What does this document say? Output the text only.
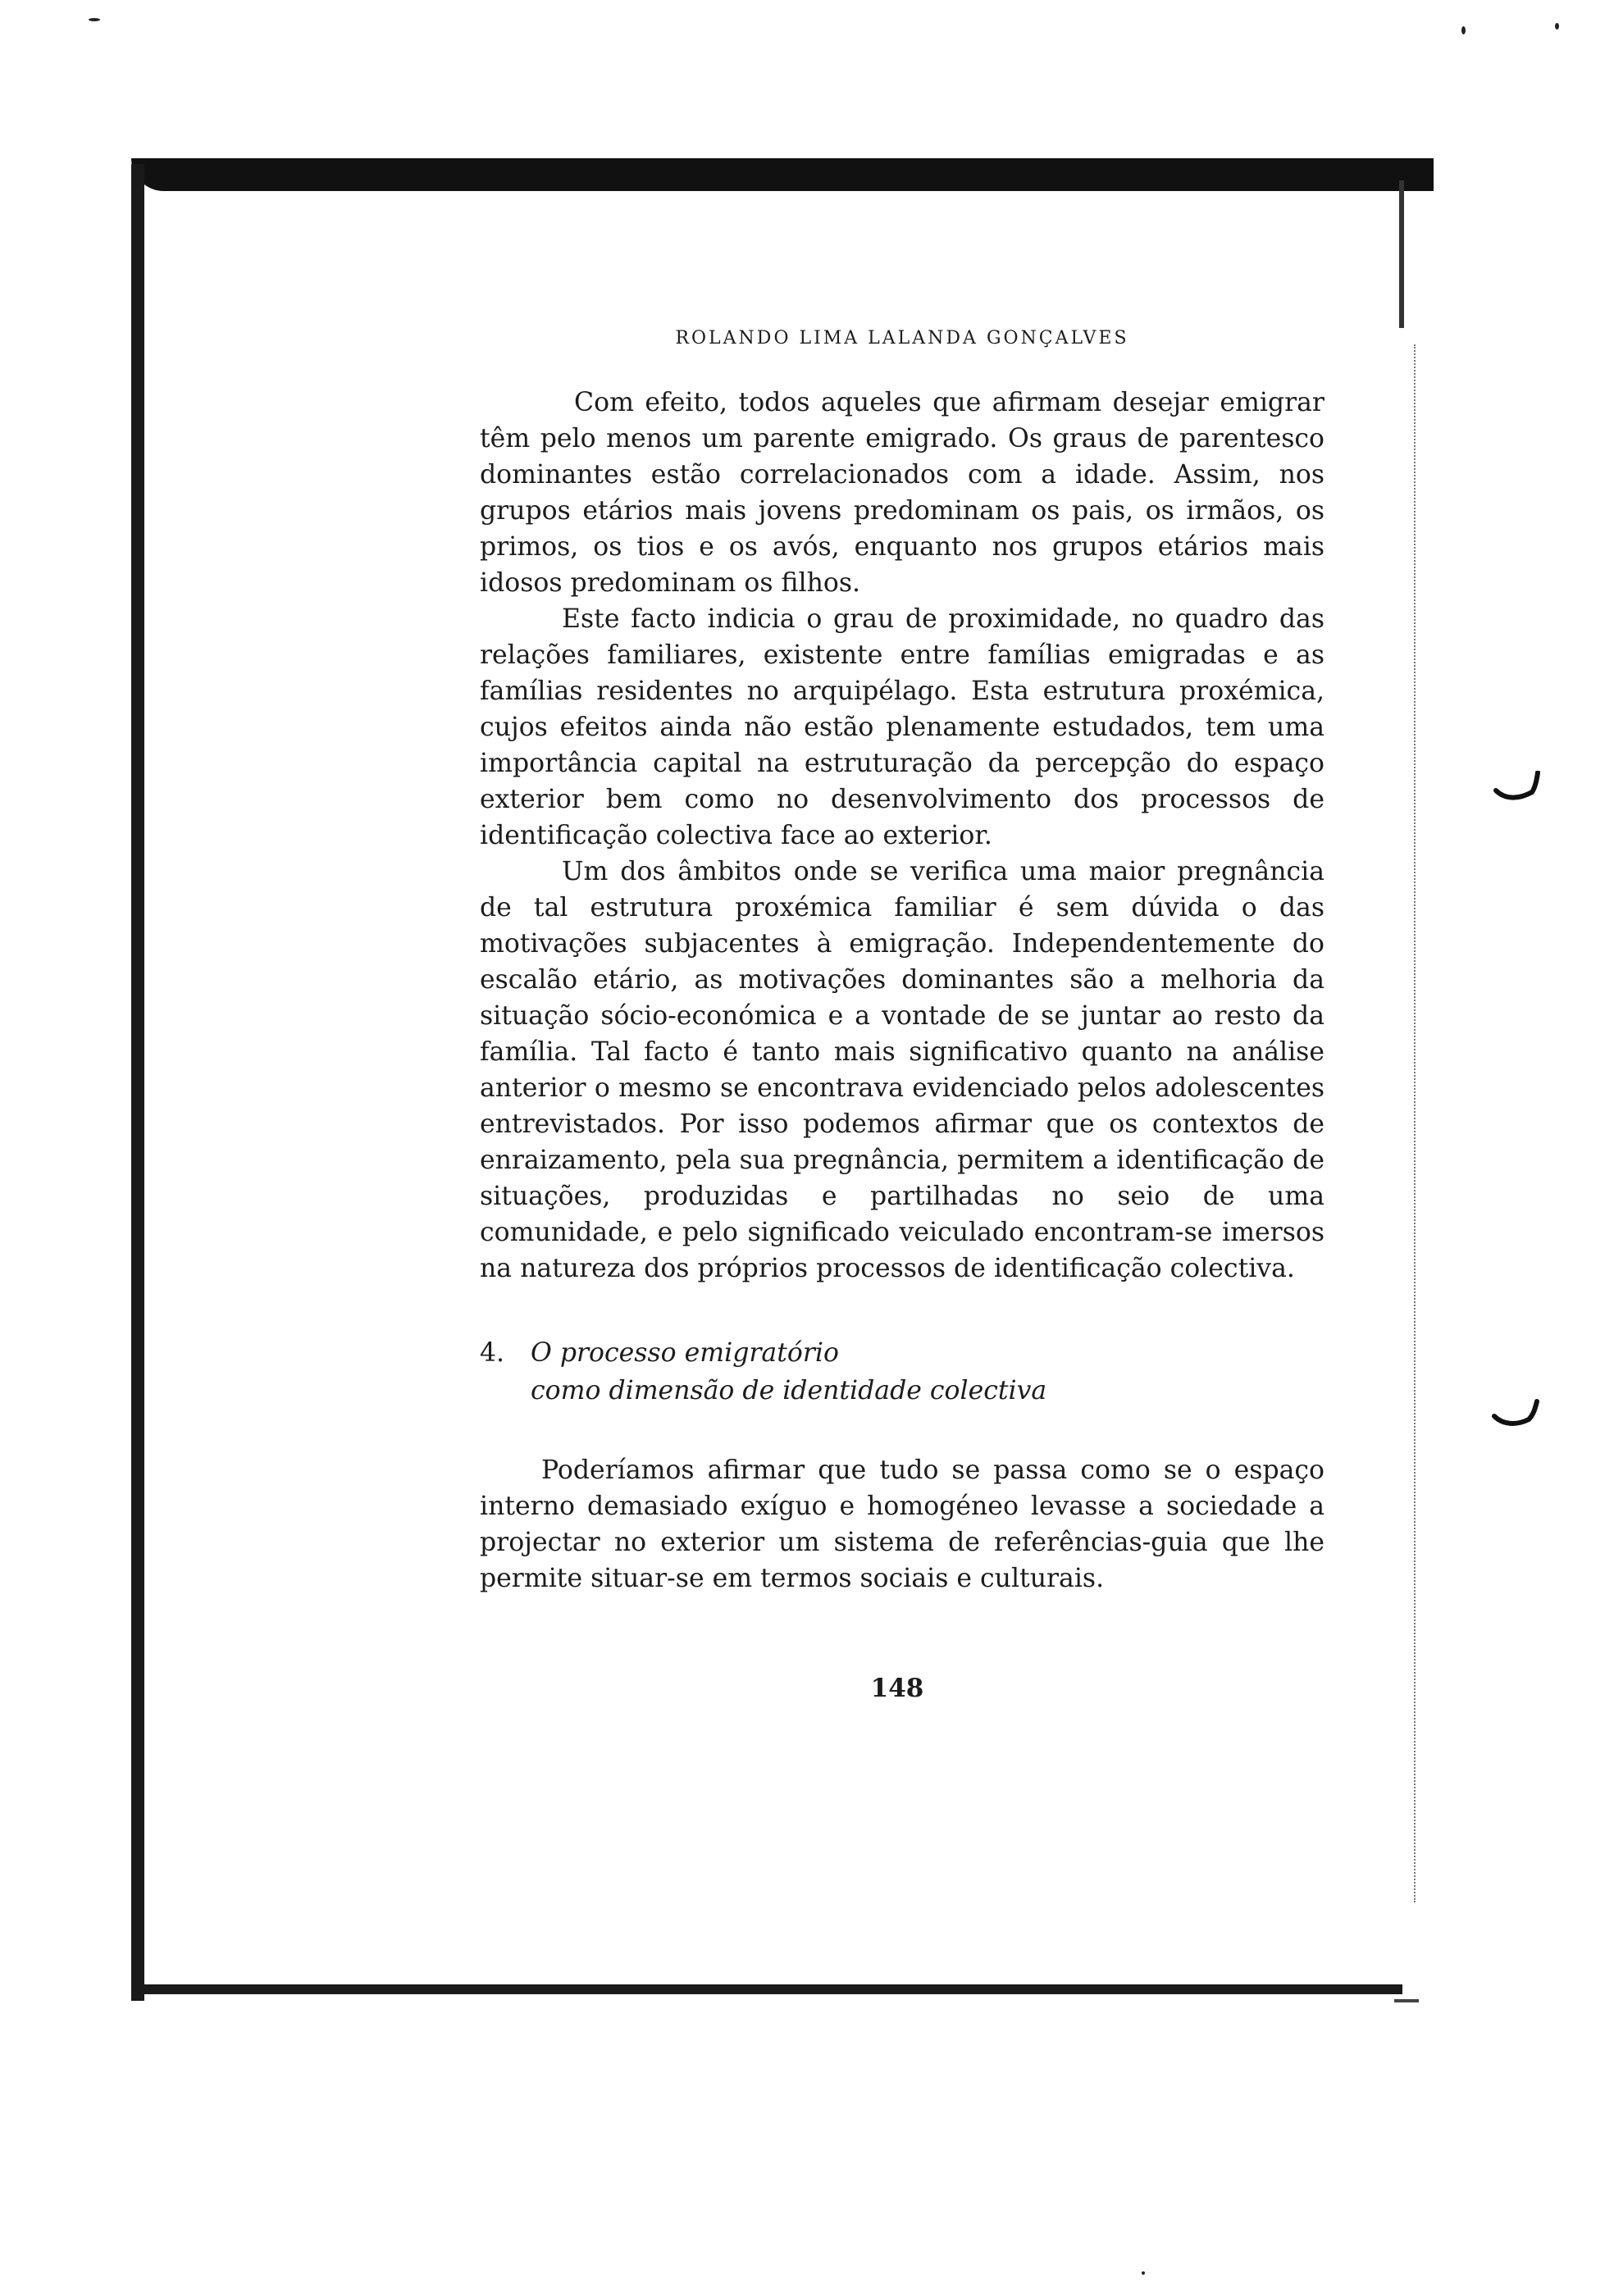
ROLANDO LIMA LALANDA GONÇALVES

Com efeito, todos aqueles que afirmam desejar emigrar têm pelo menos um parente emigrado. Os graus de parentesco dominantes estão correlacionados com a idade. Assim, nos grupos etários mais jovens predominam os pais, os irmãos, os primos, os tios e os avós, enquanto nos grupos etários mais idosos predominam os filhos.

Este facto indicia o grau de proximidade, no quadro das relações familiares, existente entre famílias emigradas e as famílias residentes no arquipélago. Esta estrutura proxémica, cujos efeitos ainda não estão plenamente estudados, tem uma importância capital na estruturação da percepção do espaço exterior bem como no desenvolvimento dos processos de identificação colectiva face ao exterior.

Um dos âmbitos onde se verifica uma maior pregnância de tal estrutura proxémica familiar é sem dúvida o das motivações subjacentes à emigração. Independentemente do escalão etário, as motivações dominantes são a melhoria da situação sócio-económica e a vontade de se juntar ao resto da família. Tal facto é tanto mais significativo quanto na análise anterior o mesmo se encontrava evidenciado pelos adolescentes entrevistados. Por isso podemos afirmar que os contextos de enraizamento, pela sua pregnância, permitem a identificação de situações, produzidas e partilhadas no seio de uma comunidade, e pelo significado veiculado encontram-se imersos na natureza dos próprios processos de identificação colectiva.

4.	O processo emigratório
como dimensão de identidade colectiva

Poderíamos afirmar que tudo se passa como se o espaço interno demasiado exíguo e homogéneo levasse a sociedade a projectar no exterior um sistema de referências-guia que lhe permite situar-se em termos sociais e culturais.

148
